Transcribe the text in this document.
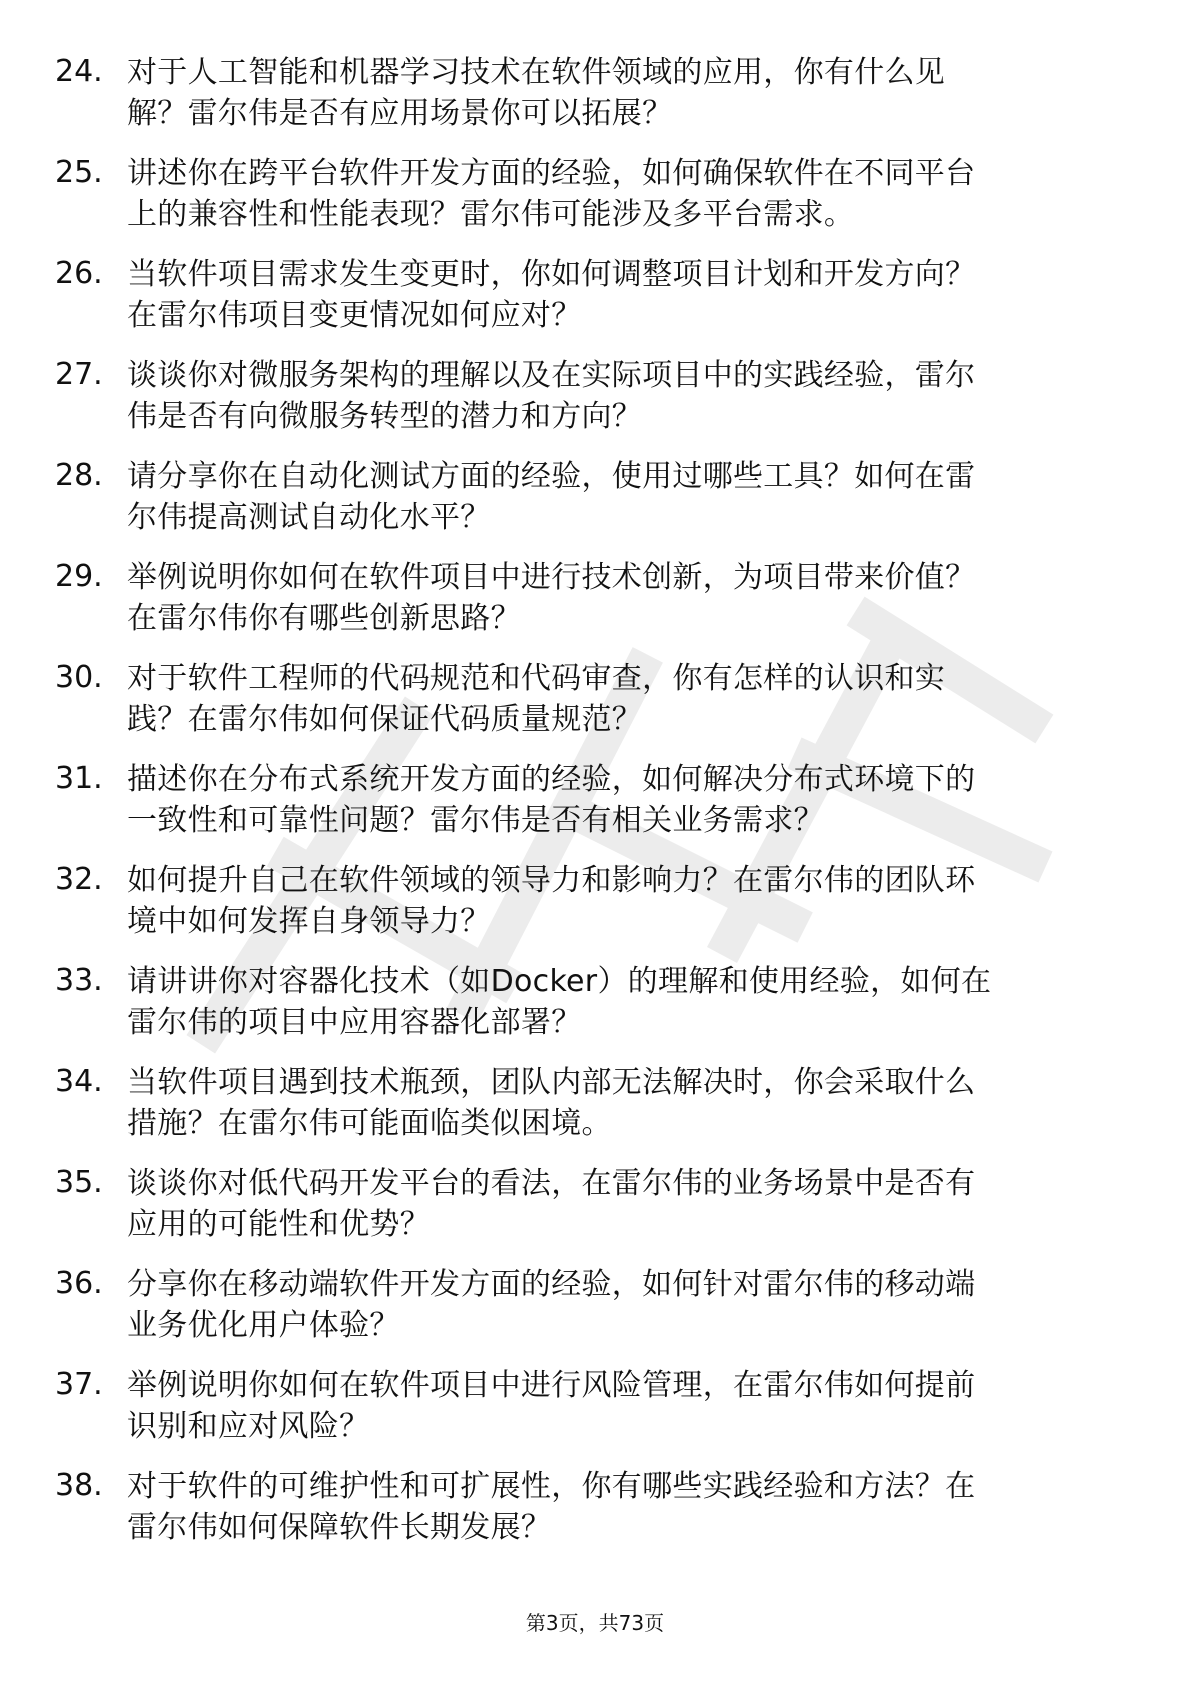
24. 对于人工智能和机器学习技术在软件领域的应用，你有什么见
解？雷尔伟是否有应用场景你可以拓展？
25. 讲述你在跨平台软件开发方面的经验，如何确保软件在不同平台
上的兼容性和性能表现？雷尔伟可能涉及多平台需求。
26. 当软件项目需求发生变更时，你如何调整项目计划和开发方向？
在雷尔伟项目变更情况如何应对？
27. 谈谈你对微服务架构的理解以及在实际项目中的实践经验，雷尔
伟是否有向微服务转型的潜力和方向？
28. 请分享你在自动化测试方面的经验，使用过哪些工具？如何在雷
尔伟提高测试自动化水平？
29. 举例说明你如何在软件项目中进行技术创新，为项目带来价值？
在雷尔伟你有哪些创新思路？
30. 对于软件工程师的代码规范和代码审查，你有怎样的认识和实
践？在雷尔伟如何保证代码质量规范？
31. 描述你在分布式系统开发方面的经验，如何解决分布式环境下的
一致性和可靠性问题？雷尔伟是否有相关业务需求？
32. 如何提升自己在软件领域的领导力和影响力？在雷尔伟的团队环
境中如何发挥自身领导力？
33. 请讲讲你对容器化技术（如Docker）的理解和使用经验，如何在
雷尔伟的项目中应用容器化部署？
34. 当软件项目遇到技术瓶颈，团队内部无法解决时，你会采取什么
措施？在雷尔伟可能面临类似困境。
35. 谈谈你对低代码开发平台的看法，在雷尔伟的业务场景中是否有
应用的可能性和优势？
36. 分享你在移动端软件开发方面的经验，如何针对雷尔伟的移动端
业务优化用户体验？
37. 举例说明你如何在软件项目中进行风险管理，在雷尔伟如何提前
识别和应对风险？
38. 对于软件的可维护性和可扩展性，你有哪些实践经验和方法？在
雷尔伟如何保障软件长期发展？
第3页，共73页
